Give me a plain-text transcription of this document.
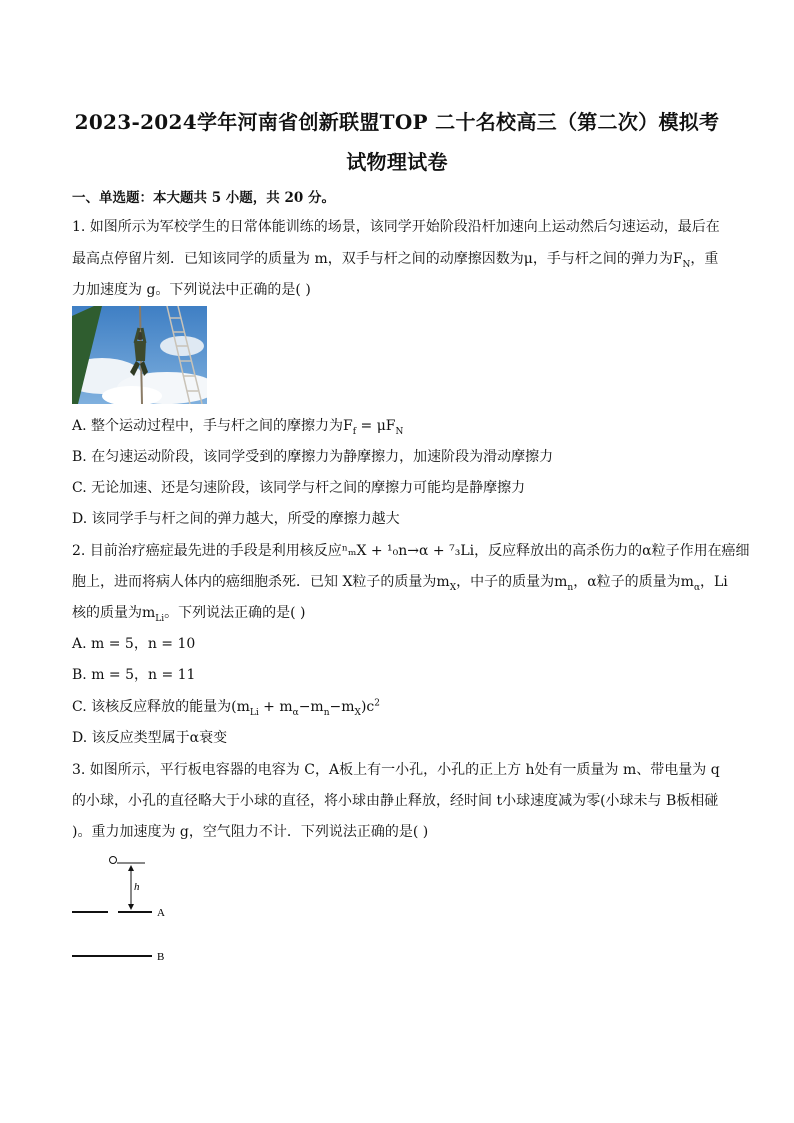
2023-2024学年河南省创新联盟TOP 二十名校高三（第二次）模拟考
试物理试卷
一、单选题：本大题共 5 小题，共 20 分。
1. 如图所示为军校学生的日常体能训练的场景，该同学开始阶段沿杆加速向上运动然后匀速运动，最后在
最高点停留片刻．已知该同学的质量为 m，双手与杆之间的动摩擦因数为μ，手与杆之间的弹力为$F_N$，重
力加速度为 g。下列说法中正确的是( )
A. 整个运动过程中，手与杆之间的摩擦力为$F_f = \mu F_N$
B. 在匀速运动阶段，该同学受到的摩擦力为静摩擦力，加速阶段为滑动摩擦力
C. 无论加速、还是匀速阶段，该同学与杆之间的摩擦力可能均是静摩擦力
D. 该同学手与杆之间的弹力越大，所受的摩擦力越大
2. 目前治疗癌症最先进的手段是利用核反应ⁿₘX + ¹₀n→α + ⁷₃Li，反应释放出的高杀伤力的α粒子作用在癌细
胞上，进而将病人体内的癌细胞杀死．已知 X粒子的质量为$m_X$，中子的质量为$m_n$，α粒子的质量为$m_\alpha$，Li
核的质量为$m_{Li}$。下列说法正确的是( )
A. m = 5，n = 10
B. m = 5，n = 11
C. 该核反应释放的能量为$(m_{Li} + m_\alpha-m_n-m_X)c^2$
D. 该反应类型属于α衰变
3. 如图所示，平行板电容器的电容为 C，A板上有一小孔，小孔的正上方 h处有一质量为 m、带电量为 q
的小球，小孔的直径略大于小球的直径，将小球由静止释放，经时间 t小球速度减为零(小球未与 B板相碰
)。重力加速度为 g，空气阻力不计．下列说法正确的是( )
h
A
B
